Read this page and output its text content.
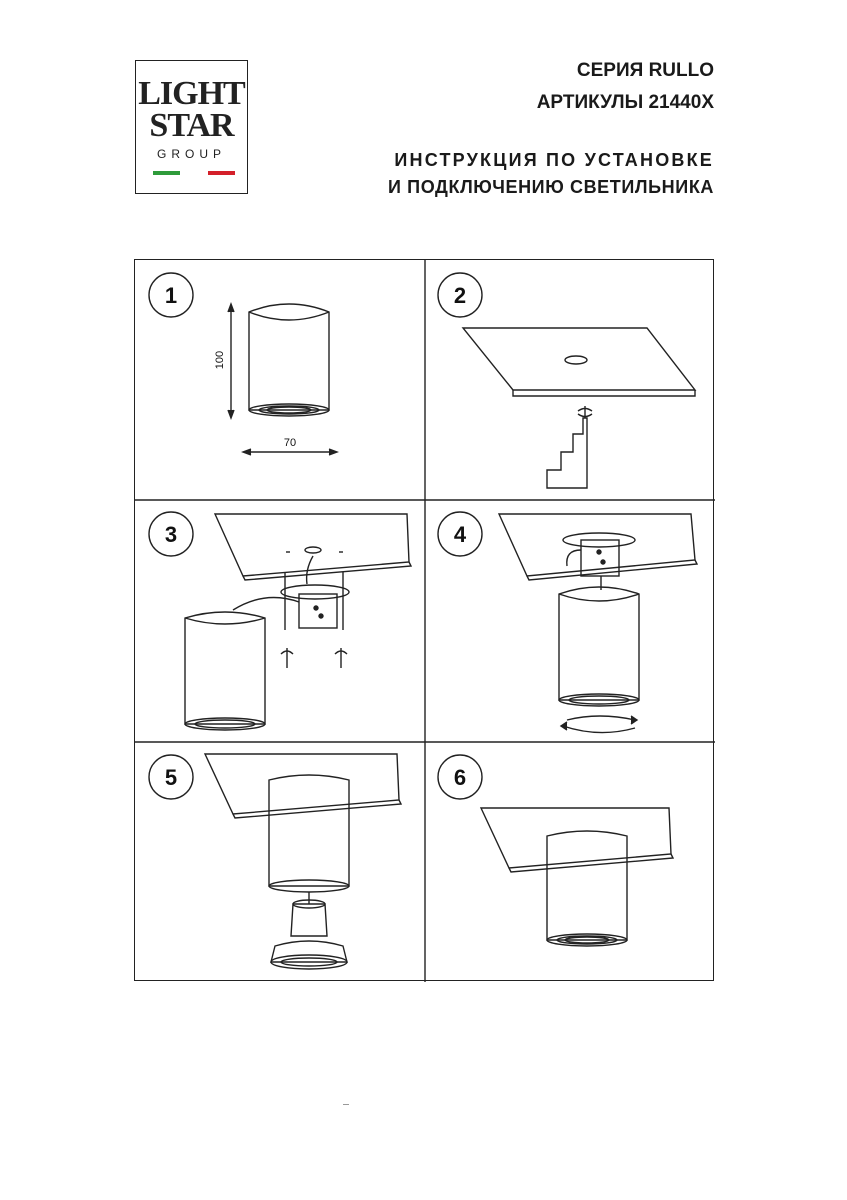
LIGHT
STAR
GROUP
СЕРИЯ RULLO
АРТИКУЛЫ 21440X
ИНСТРУКЦИЯ ПО УСТАНОВКЕ
И ПОДКЛЮЧЕНИЮ СВЕТИЛЬНИКА
1	2
3	4
5	6
100
70
